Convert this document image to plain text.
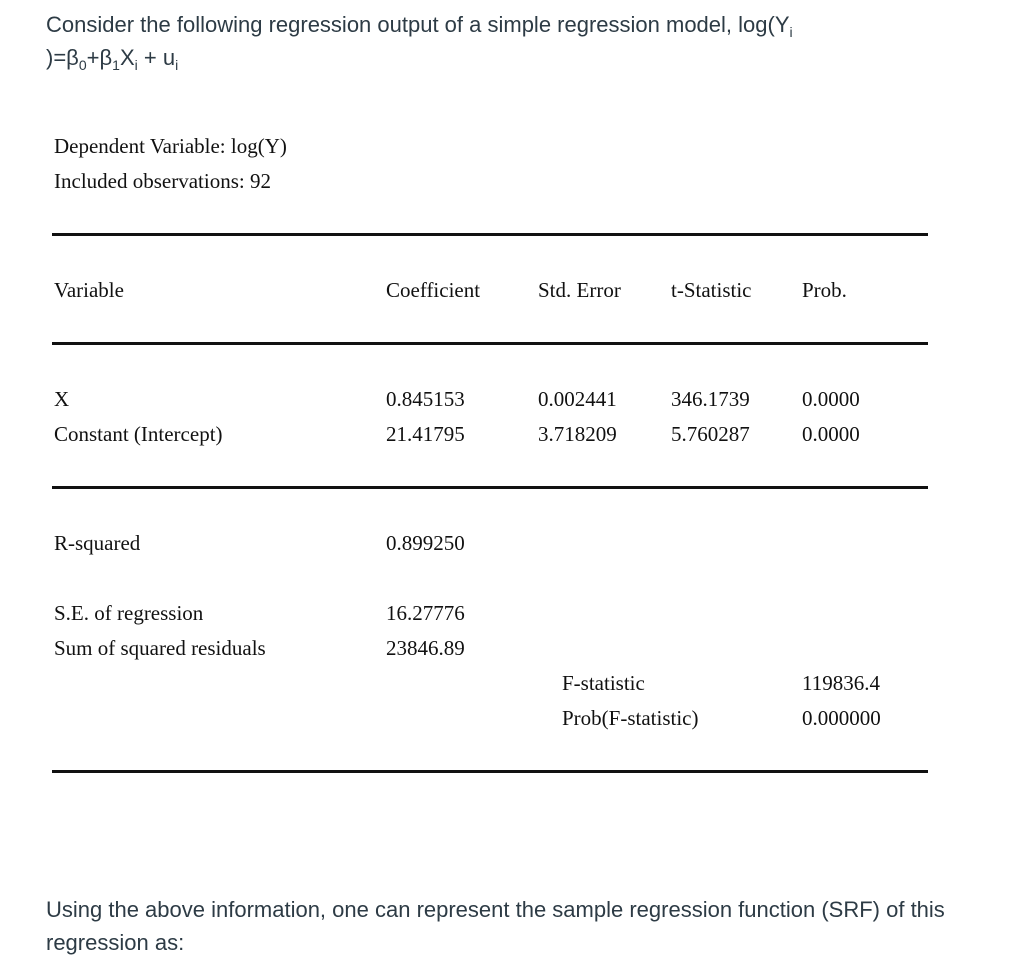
Consider the following regression output of a simple regression model, $\log(Y_i$
)$=\beta_0+\beta_1X_i + u_i$
Dependent Variable: log(Y)
Included observations: 92
Variable	Coefficient	Std. Error t-Statistic Prob.
X	0.845153	0.002441	346.1739 0.0000
Constant (Intercept)	21.41795	3.718209	5.760287 0.0000
R-squared	0.899250
S.E. of regression	16.27776
Sum of squared residuals	23846.89
F-statistic	119836.4
Prob(F-statistic)	0.000000
Using the above information, one can represent the sample regression function (SRF) of this regression as:
